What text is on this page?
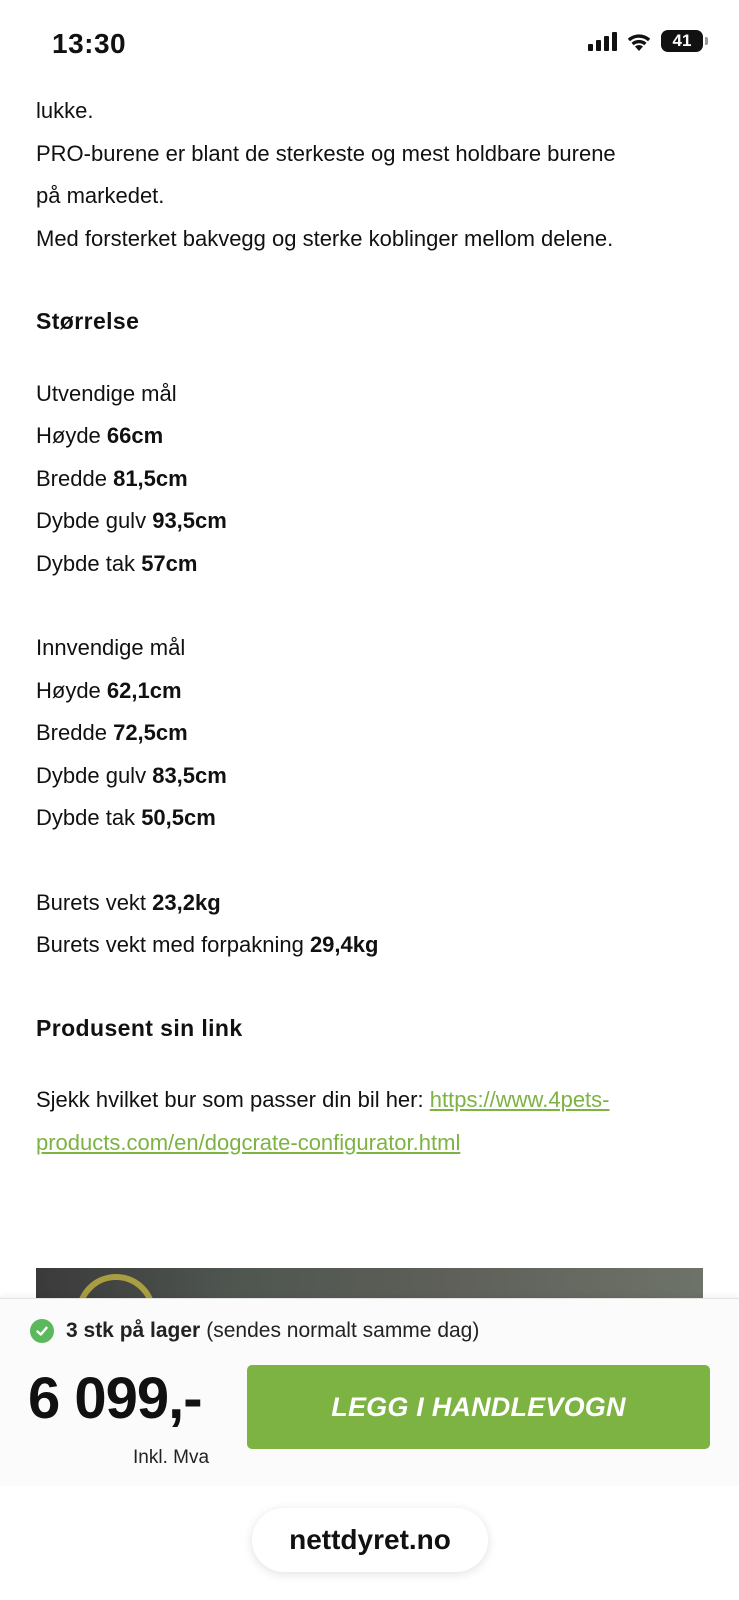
13:30	41
lukke.
PRO-burene er blant de sterkeste og mest holdbare burene
på markedet.
Med forsterket bakvegg og sterke koblinger mellom delene.
Størrelse
Utvendige mål
Høyde 66cm
Bredde 81,5cm
Dybde gulv 93,5cm
Dybde tak 57cm
Innvendige mål
Høyde 62,1cm
Bredde 72,5cm
Dybde gulv 83,5cm
Dybde tak 50,5cm
Burets vekt 23,2kg
Burets vekt med forpakning 29,4kg
Produsent sin link
Sjekk hvilket bur som passer din bil her: https://www.4pets-
products.com/en/dogcrate-configurator.html
3 stk på lager (sendes normalt samme dag)
6 099,-
Inkl. Mva
LEGG I HANDLEVOGN
nettdyret.no
